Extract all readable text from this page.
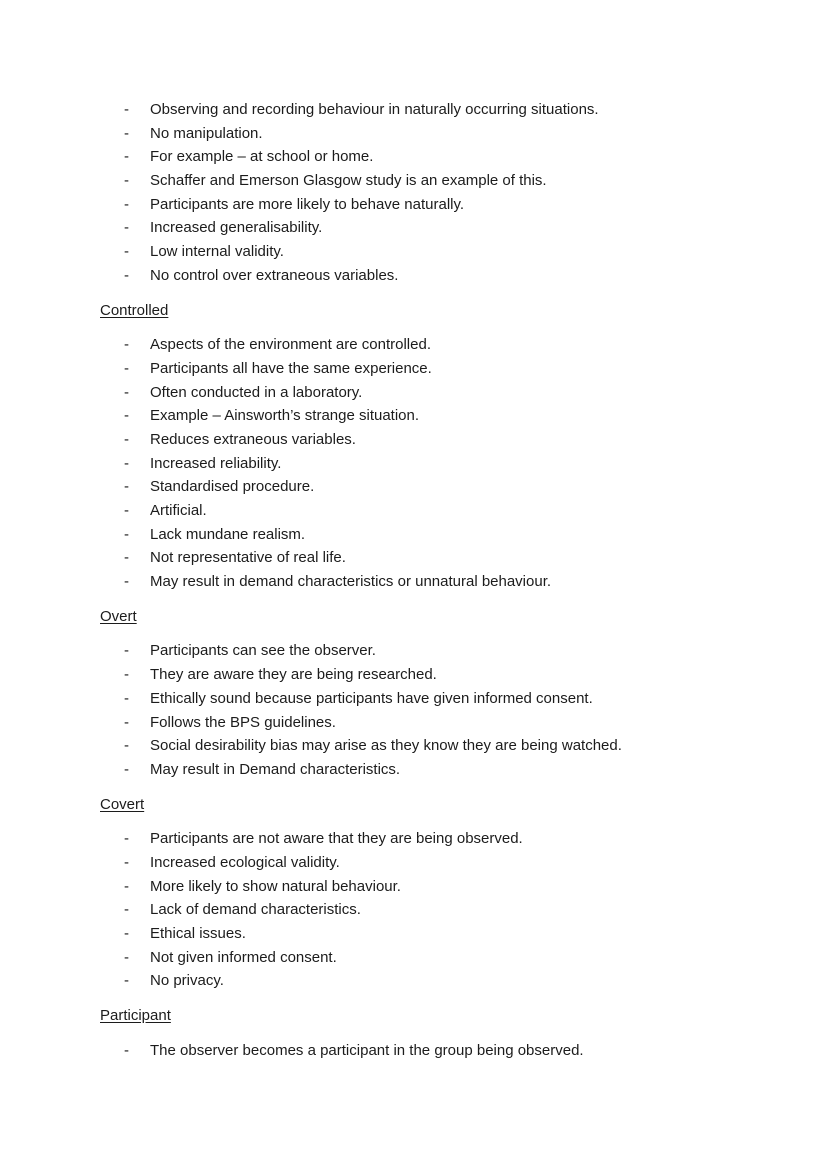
- Observing and recording behaviour in naturally occurring situations.
- No manipulation.
- For example – at school or home.
- Schaffer and Emerson Glasgow study is an example of this.
- Participants are more likely to behave naturally.
- Increased generalisability.
- Low internal validity.
- No control over extraneous variables.
Controlled
- Aspects of the environment are controlled.
- Participants all have the same experience.
- Often conducted in a laboratory.
- Example – Ainsworth’s strange situation.
- Reduces extraneous variables.
- Increased reliability.
- Standardised procedure.
- Artificial.
- Lack mundane realism.
- Not representative of real life.
- May result in demand characteristics or unnatural behaviour.
Overt
- Participants can see the observer.
- They are aware they are being researched.
- Ethically sound because participants have given informed consent.
- Follows the BPS guidelines.
- Social desirability bias may arise as they know they are being watched.
- May result in Demand characteristics.
Covert
- Participants are not aware that they are being observed.
- Increased ecological validity.
- More likely to show natural behaviour.
- Lack of demand characteristics.
- Ethical issues.
- Not given informed consent.
- No privacy.
Participant
- The observer becomes a participant in the group being observed.
